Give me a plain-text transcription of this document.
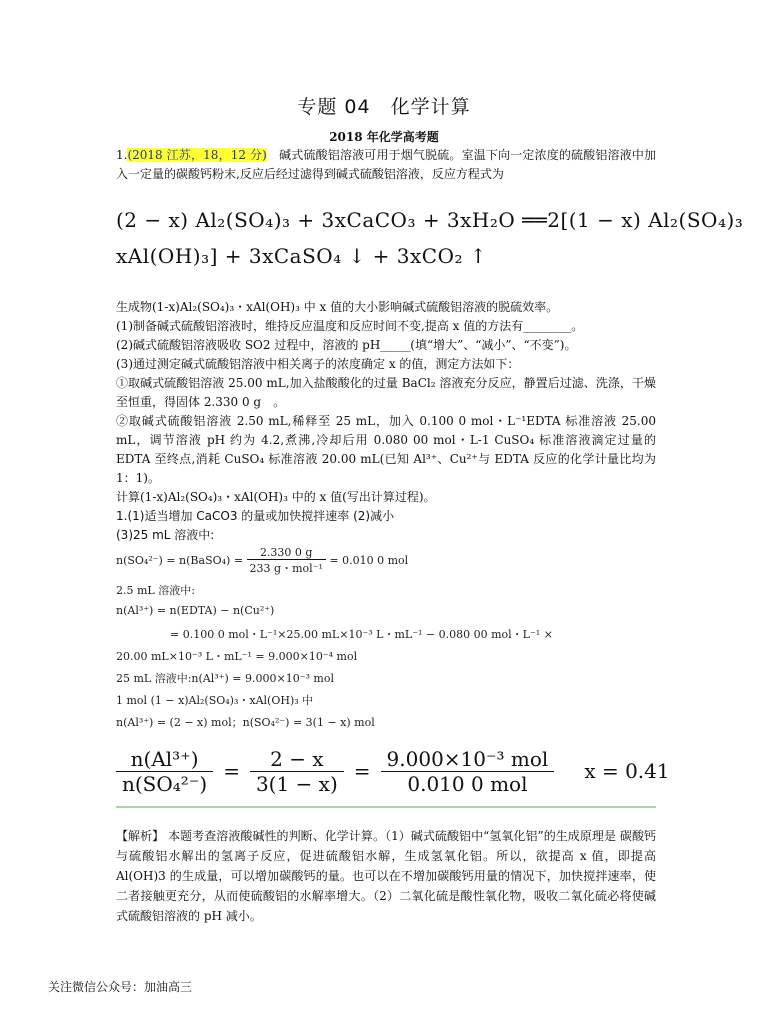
专题 04　化学计算
2018 年化学高考题
1.(2018 江苏，18，12 分)　碱式硫酸铝溶液可用于烟气脱硫。室温下向一定浓度的硫酸铝溶液中加入一定量的碳酸钙粉末,反应后经过滤得到碱式硫酸铝溶液，反应方程式为
(2 − x) Al₂(SO₄)₃ + 3xCaCO₃ + 3xH₂O ══2[(1 − x) Al₂(SO₄)₃
xAl(OH)₃] + 3xCaSO₄ ↓ + 3xCO₂ ↑
生成物(1-x)Al₂(SO₄)₃・xAl(OH)₃ 中 x 值的大小影响碱式硫酸铝溶液的脱硫效率。
(1)制备碱式硫酸铝溶液时，维持反应温度和反应时间不变,提高 x 值的方法有________。
(2)碱式硫酸铝溶液吸收 SO2 过程中，溶液的 pH_____(填“增大”、“减小”、“不变”)。
(3)通过测定碱式硫酸铝溶液中相关离子的浓度确定 x 的值，测定方法如下：
①取碱式硫酸铝溶液 25.00 mL,加入盐酸酸化的过量 BaCl₂ 溶液充分反应，静置后过滤、洗涤，干燥至恒重，得固体 2.330 0 g　。
②取碱式硫酸铝溶液 2.50 mL,稀释至 25 mL，加入 0.100 0 mol・L⁻¹EDTA 标准溶液 25.00 mL，调节溶液 pH 约为 4.2,煮沸,冷却后用 0.080 00 mol・L-1 CuSO₄ 标准溶液滴定过量的 EDTA 至终点,消耗 CuSO₄ 标准溶液 20.00 mL(已知 Al³⁺、Cu²⁺与 EDTA 反应的化学计量比均为 1：1)。
计算(1-x)Al₂(SO₄)₃・xAl(OH)₃ 中的 x 值(写出计算过程)。
1.(1)适当增加 CaCO3 的量或加快搅拌速率 (2)减小
(3)25 mL 溶液中:
n(SO₄²⁻) = n(BaSO₄) = $\frac{2.330 0 g}{\text{233 g・mol⁻¹}} = 0.010$ 0 mol
2.5 mL 溶液中:
n(Al³⁺) = n(EDTA) − n(Cu²⁺)
= 0.100 0 mol・L⁻¹×25.00 mL×10⁻³ L・mL⁻¹ − 0.080 00 mol・L⁻¹ ×
20.00 mL×10⁻³ L・mL⁻¹ = 9.000×10⁻⁴ mol
25 mL 溶液中:n(Al³⁺) = 9.000×10⁻³ mol
1 mol (1 − x)Al₂(SO₄)₃・xAl(OH)₃ 中
n(Al³⁺) = (2 − x) mol；n(SO₄²⁻) = 3(1 − x) mol
$\frac{\text{n(Al³⁺)}}{\text{n(SO₄²⁻)}} = \frac{2 - x}{3(1 - x)} = \frac{\text{9.000×10⁻³ mol}}{\text{0.010 0 mol}}$ x = 0.41
【解析】 本题考查溶液酸碱性的判断、化学计算。（1）碱式硫酸铝中“氢氧化铝”的生成原理是 碳酸钙与硫酸铝水解出的氢离子反应，促进硫酸铝水解，生成氢氧化铝。所以，欲提高 x 值，即提高 Al(OH)3 的生成量，可以增加碳酸钙的量。也可以在不增加碳酸钙用量的情况下，加快搅拌速率，使二者接触更充分，从而使硫酸铝的水解率增大。（2）二氧化硫是酸性氧化物，吸收二氧化硫必将使碱式硫酸铝溶液的 pH 减小。
关注微信公众号：加油高三
